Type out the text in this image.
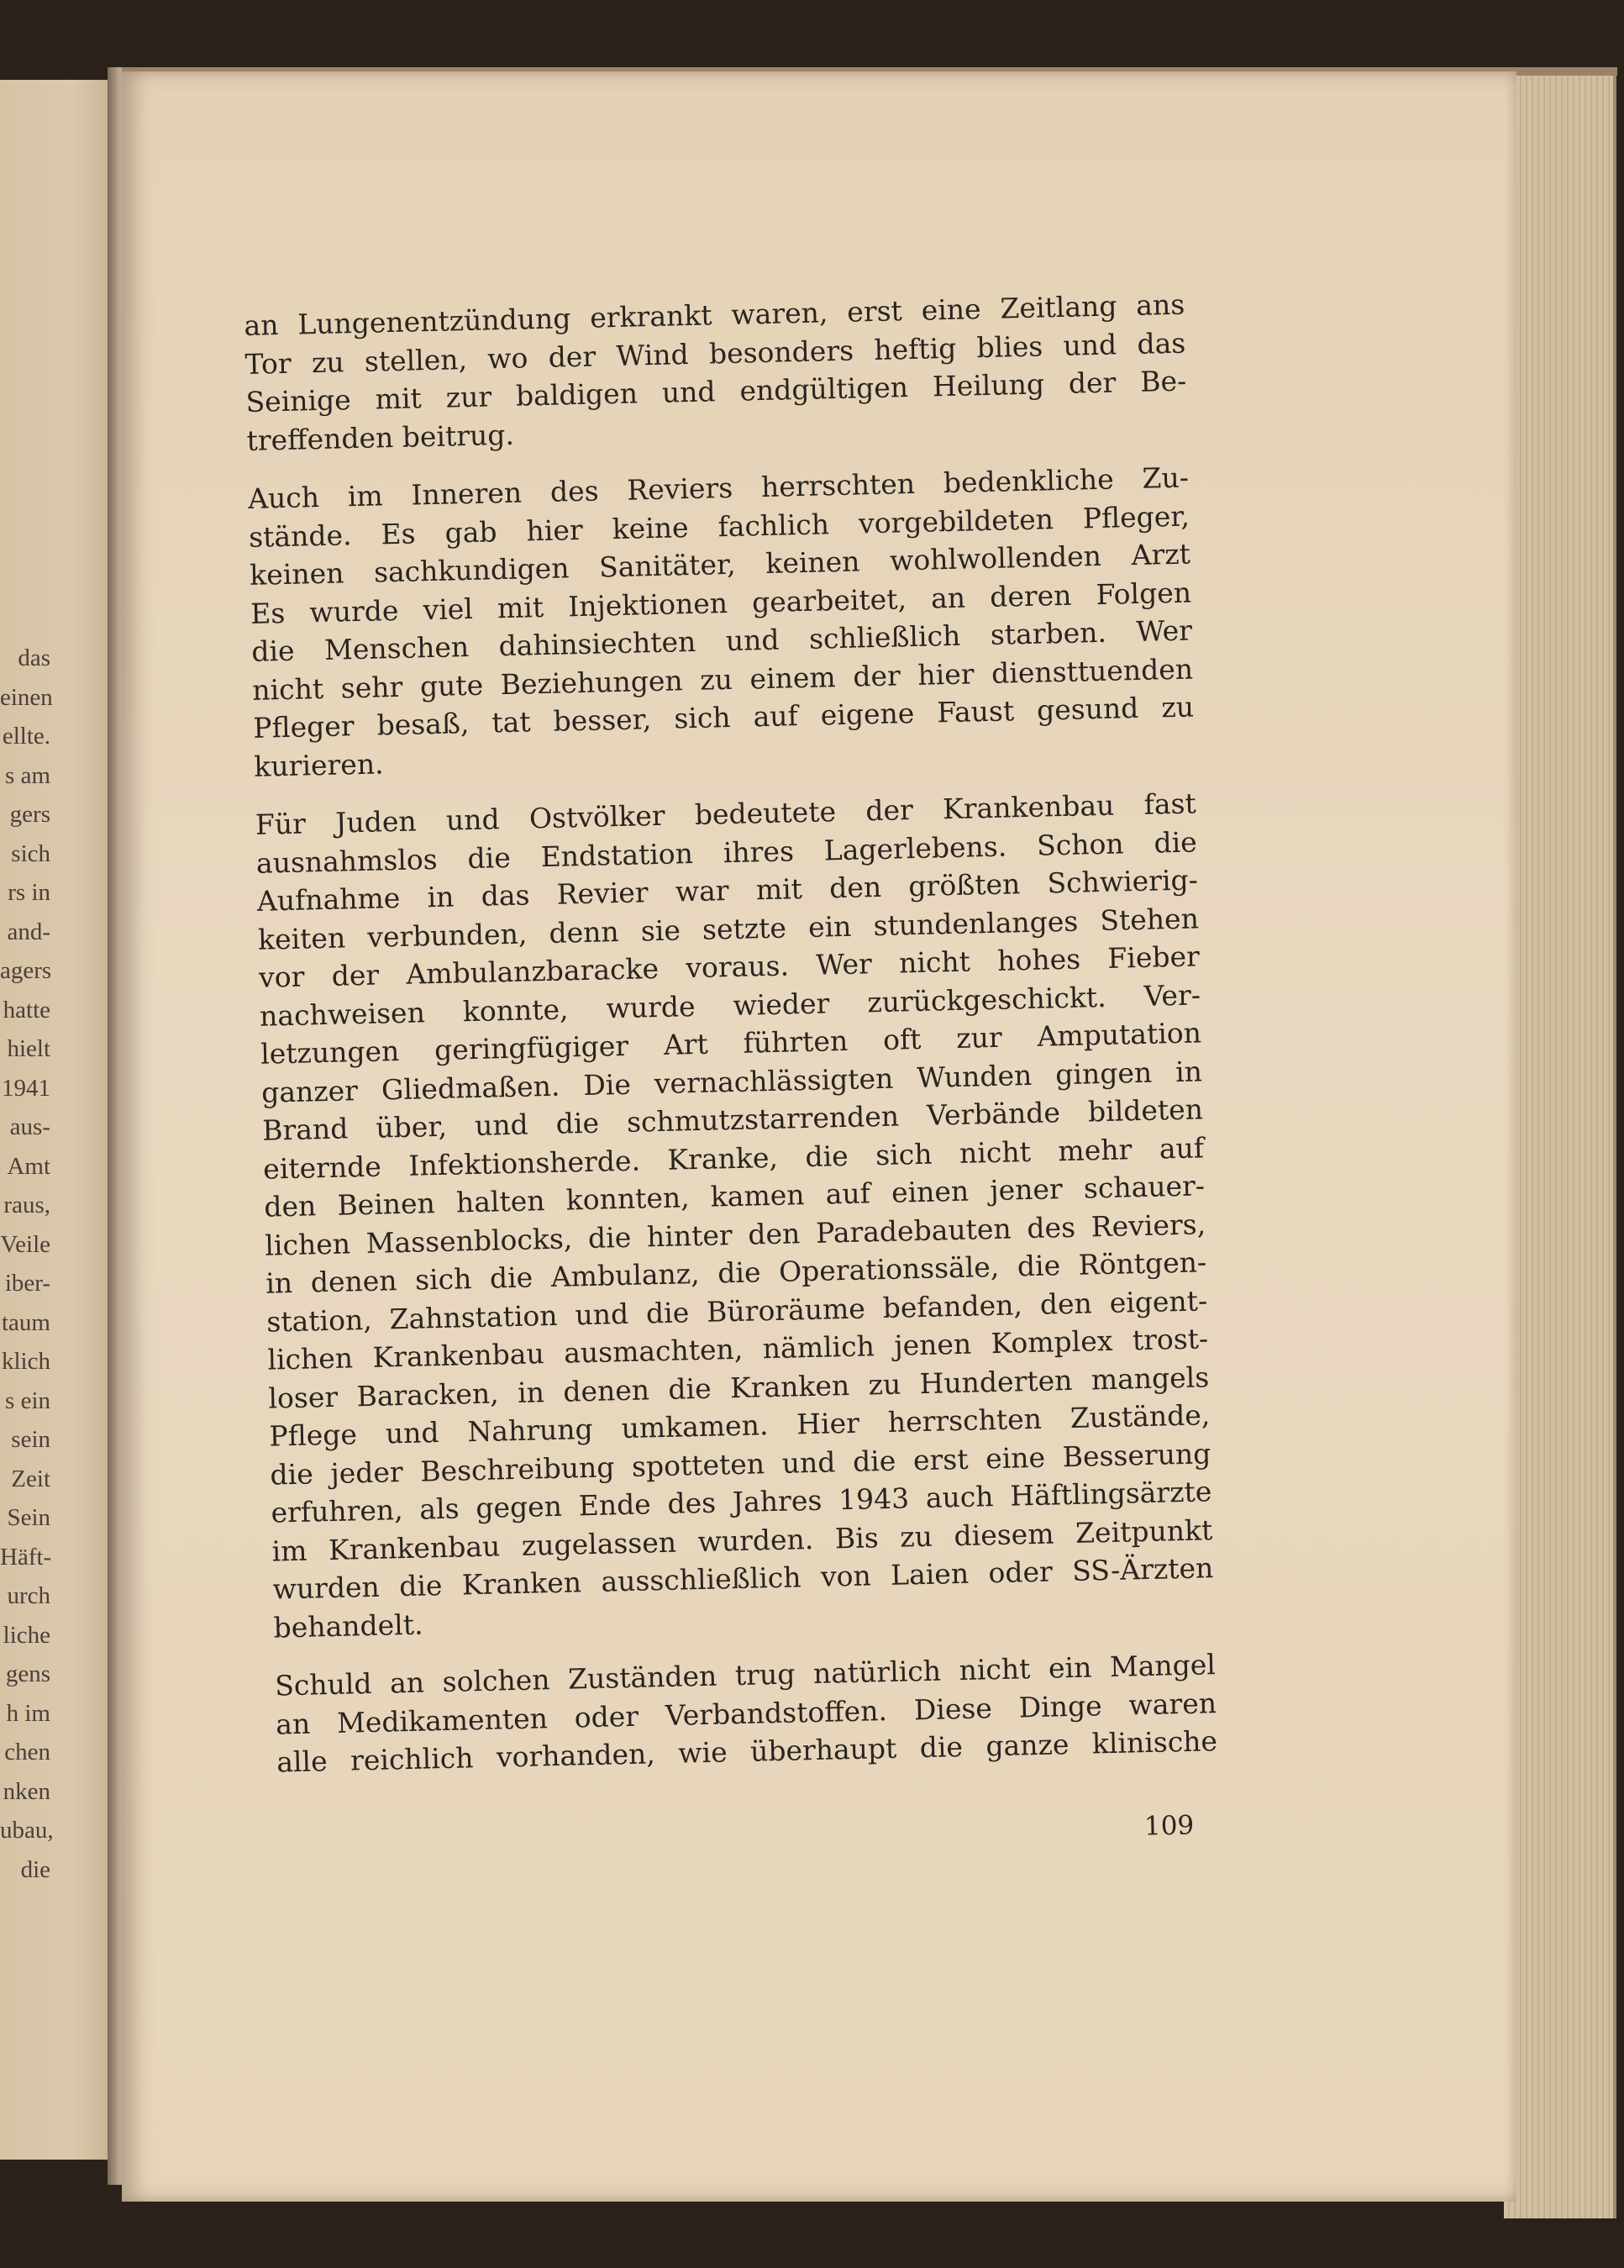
das
einen
ellte.
s am
gers
sich
rs in
and-
agers
hatte
hielt
1941
aus-
Amt
raus,
Veile
iber-
taum
klich
s ein
sein
Zeit
Sein
Häft-
urch
liche
gens
h im
chen
nken
ubau,
die
an Lungenentzündung erkrankt waren, erst eine Zeitlang ans
Tor zu stellen, wo der Wind besonders heftig blies und das
Seinige mit zur baldigen und endgültigen Heilung der Be-
treffenden beitrug.
Auch im Inneren des Reviers herrschten bedenkliche Zu-
stände. Es gab hier keine fachlich vorgebildeten Pfleger,
keinen sachkundigen Sanitäter, keinen wohlwollenden Arzt
Es wurde viel mit Injektionen gearbeitet, an deren Folgen
die Menschen dahinsiechten und schließlich starben. Wer
nicht sehr gute Beziehungen zu einem der hier diensttuenden
Pfleger besaß, tat besser, sich auf eigene Faust gesund zu
kurieren.
Für Juden und Ostvölker bedeutete der Krankenbau fast
ausnahmslos die Endstation ihres Lagerlebens. Schon die
Aufnahme in das Revier war mit den größten Schwierig-
keiten verbunden, denn sie setzte ein stundenlanges Stehen
vor der Ambulanzbaracke voraus. Wer nicht hohes Fieber
nachweisen konnte, wurde wieder zurückgeschickt. Ver-
letzungen geringfügiger Art führten oft zur Amputation
ganzer Gliedmaßen. Die vernachlässigten Wunden gingen in
Brand über, und die schmutzstarrenden Verbände bildeten
eiternde Infektionsherde. Kranke, die sich nicht mehr auf
den Beinen halten konnten, kamen auf einen jener schauer-
lichen Massenblocks, die hinter den Paradebauten des Reviers,
in denen sich die Ambulanz, die Operationssäle, die Röntgen-
station, Zahnstation und die Büroräume befanden, den eigent-
lichen Krankenbau ausmachten, nämlich jenen Komplex trost-
loser Baracken, in denen die Kranken zu Hunderten mangels
Pflege und Nahrung umkamen. Hier herrschten Zustände,
die jeder Beschreibung spotteten und die erst eine Besserung
erfuhren, als gegen Ende des Jahres 1943 auch Häftlingsärzte
im Krankenbau zugelassen wurden. Bis zu diesem Zeitpunkt
wurden die Kranken ausschließlich von Laien oder SS-Ärzten
behandelt.
Schuld an solchen Zuständen trug natürlich nicht ein Mangel
an Medikamenten oder Verbandstoffen. Diese Dinge waren
alle reichlich vorhanden, wie überhaupt die ganze klinische
109
